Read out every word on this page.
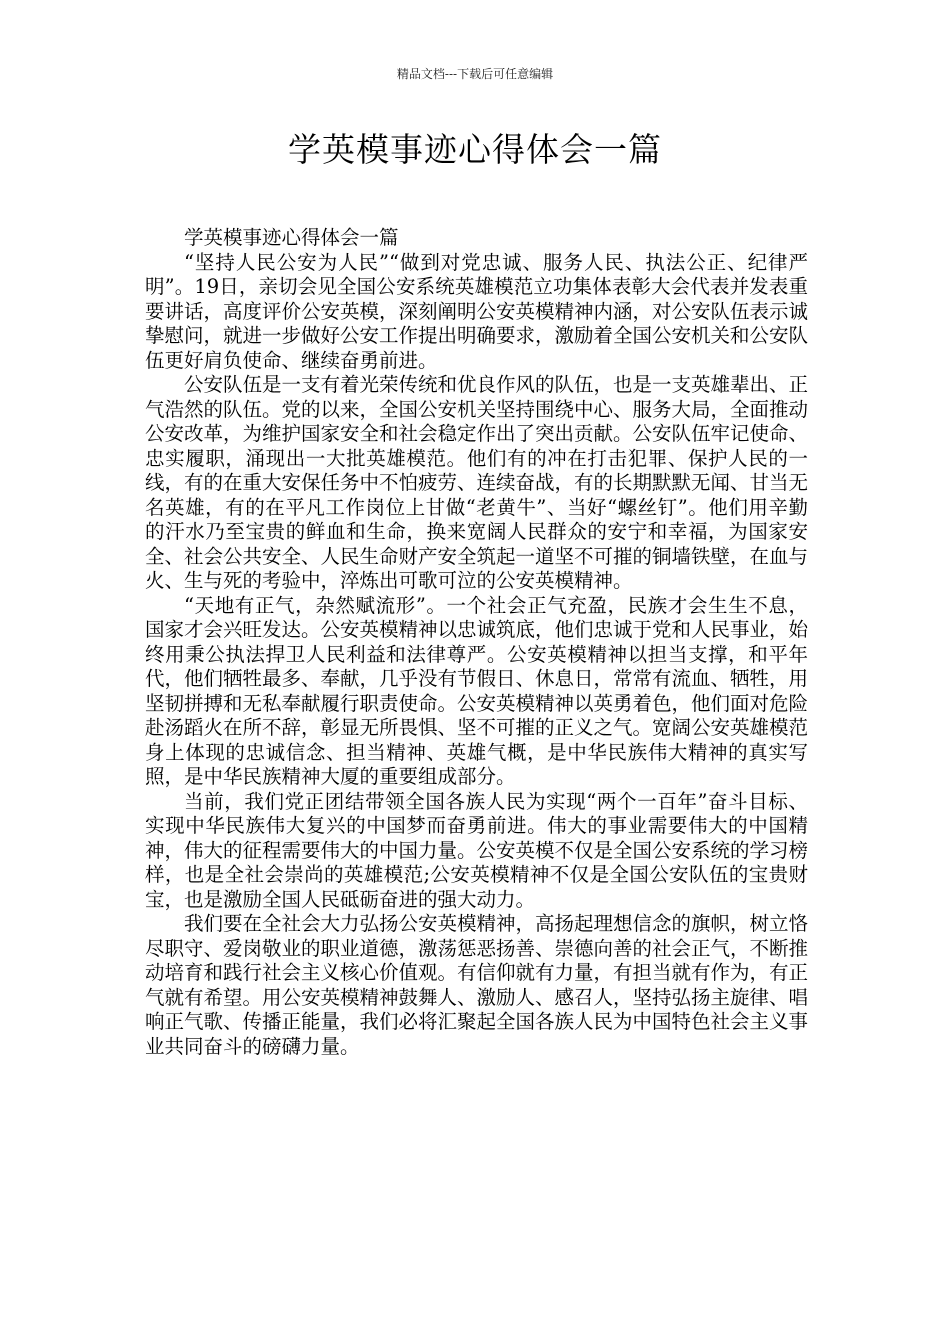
精品文档---下载后可任意编辑
学英模事迹心得体会一篇

学英模事迹心得体会一篇

“坚持人民公安为人民”“做到对党忠诚、服务人民、执法公正、纪律严明”。19日，亲切会见全国公安系统英雄模范立功集体表彰大会代表并发表重要讲话，高度评价公安英模，深刻阐明公安英模精神内涵，对公安队伍表示诚挚慰问，就进一步做好公安工作提出明确要求，激励着全国公安机关和公安队伍更好肩负使命、继续奋勇前进。

公安队伍是一支有着光荣传统和优良作风的队伍，也是一支英雄辈出、正气浩然的队伍。党的以来，全国公安机关坚持围绕中心、服务大局，全面推动公安改革，为维护国家安全和社会稳定作出了突出贡献。公安队伍牢记使命、忠实履职，涌现出一大批英雄模范。他们有的冲在打击犯罪、保护人民的一线，有的在重大安保任务中不怕疲劳、连续奋战，有的长期默默无闻、甘当无名英雄，有的在平凡工作岗位上甘做“老黄牛”、当好“螺丝钉”。他们用辛勤的汗水乃至宝贵的鲜血和生命，换来宽阔人民群众的安宁和幸福，为国家安全、社会公共安全、人民生命财产安全筑起一道坚不可摧的铜墙铁壁，在血与火、生与死的考验中，淬炼出可歌可泣的公安英模精神。

“天地有正气，杂然赋流形”。一个社会正气充盈，民族才会生生不息，国家才会兴旺发达。公安英模精神以忠诚筑底，他们忠诚于党和人民事业，始终用秉公执法捍卫人民利益和法律尊严。公安英模精神以担当支撑，和平年代，他们牺牲最多、奉献，几乎没有节假日、休息日，常常有流血、牺牲，用坚韧拼搏和无私奉献履行职责使命。公安英模精神以英勇着色，他们面对危险赴汤蹈火在所不辞，彰显无所畏惧、坚不可摧的正义之气。宽阔公安英雄模范身上体现的忠诚信念、担当精神、英雄气概，是中华民族伟大精神的真实写照，是中华民族精神大厦的重要组成部分。

当前，我们党正团结带领全国各族人民为实现“两个一百年”奋斗目标、实现中华民族伟大复兴的中国梦而奋勇前进。伟大的事业需要伟大的中国精神，伟大的征程需要伟大的中国力量。公安英模不仅是全国公安系统的学习榜样，也是全社会崇尚的英雄模范;公安英模精神不仅是全国公安队伍的宝贵财宝，也是激励全国人民砥砺奋进的强大动力。

我们要在全社会大力弘扬公安英模精神，高扬起理想信念的旗帜，树立恪尽职守、爱岗敬业的职业道德，激荡惩恶扬善、崇德向善的社会正气，不断推动培育和践行社会主义核心价值观。有信仰就有力量，有担当就有作为，有正气就有希望。用公安英模精神鼓舞人、激励人、感召人，坚持弘扬主旋律、唱响正气歌、传播正能量，我们必将汇聚起全国各族人民为中国特色社会主义事业共同奋斗的磅礴力量。
